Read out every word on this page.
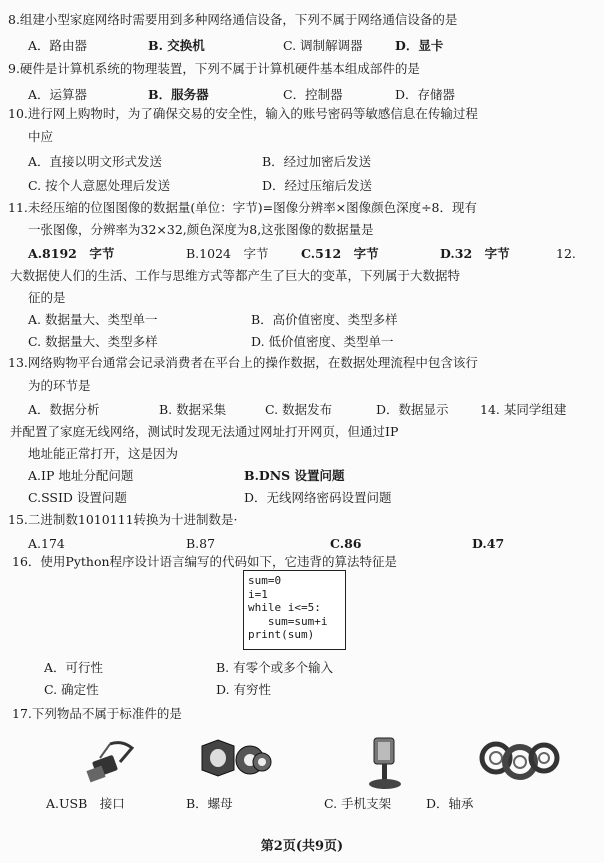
8.组建小型家庭网络时需要用到多种网络通信设备，下列不属于网络通信设备的是
A．路由器	B. 交换机	C. 调制解调器	D．显卡
9.硬件是计算机系统的物理装置，下列不属于计算机硬件基本组成部件的是
A．运算器	B．服务器	C．控制器	D．存储器
10.进行网上购物时，为了确保交易的安全性，输入的账号密码等敏感信息在传输过程
中应
A．直接以明文形式发送	B．经过加密后发送
C. 按个人意愿处理后发送	D．经过压缩后发送
11.未经压缩的位图图像的数据量(单位：字节)=图像分辨率×图像颜色深度÷8．现有
一张图像，分辨率为32×32,颜色深度为8,这张图像的数据量是
A.8192　字节	B.1024　字节	C.512　字节	D.32　字节	12.
大数据使人们的生活、工作与思维方式等都产生了巨大的变革，下列属于大数据特
征的是
A. 数据量大、类型单一	B．高价值密度、类型多样
C. 数据量大、类型多样	D. 低价值密度、类型单一
13.网络购物平台通常会记录消费者在平台上的操作数据，在数据处理流程中包含该行
为的环节是
A．数据分析	B. 数据采集	C. 数据发布	D．数据显示	14. 某同学组建
并配置了家庭无线网络，测试时发现无法通过网址打开网页，但通过IP
地址能正常打开，这是因为
A.IP 地址分配问题	B.DNS 设置问题
C.SSID 设置问题	D．无线网络密码设置问题
15.二进制数1010111转换为十进制数是·
A.174	B.87	C.86	D.47
16．使用Python程序设计语言编写的代码如下，它违背的算法特征是
sum=0
i=1
while i<=5:
sum=sum+i
print(sum)
A．可行性	B. 有零个或多个输入
C. 确定性	D. 有穷性
17.下列物品不属于标准件的是
A.USB　接口	B．螺母	C. 手机支架	D．轴承
第2页(共9页)
